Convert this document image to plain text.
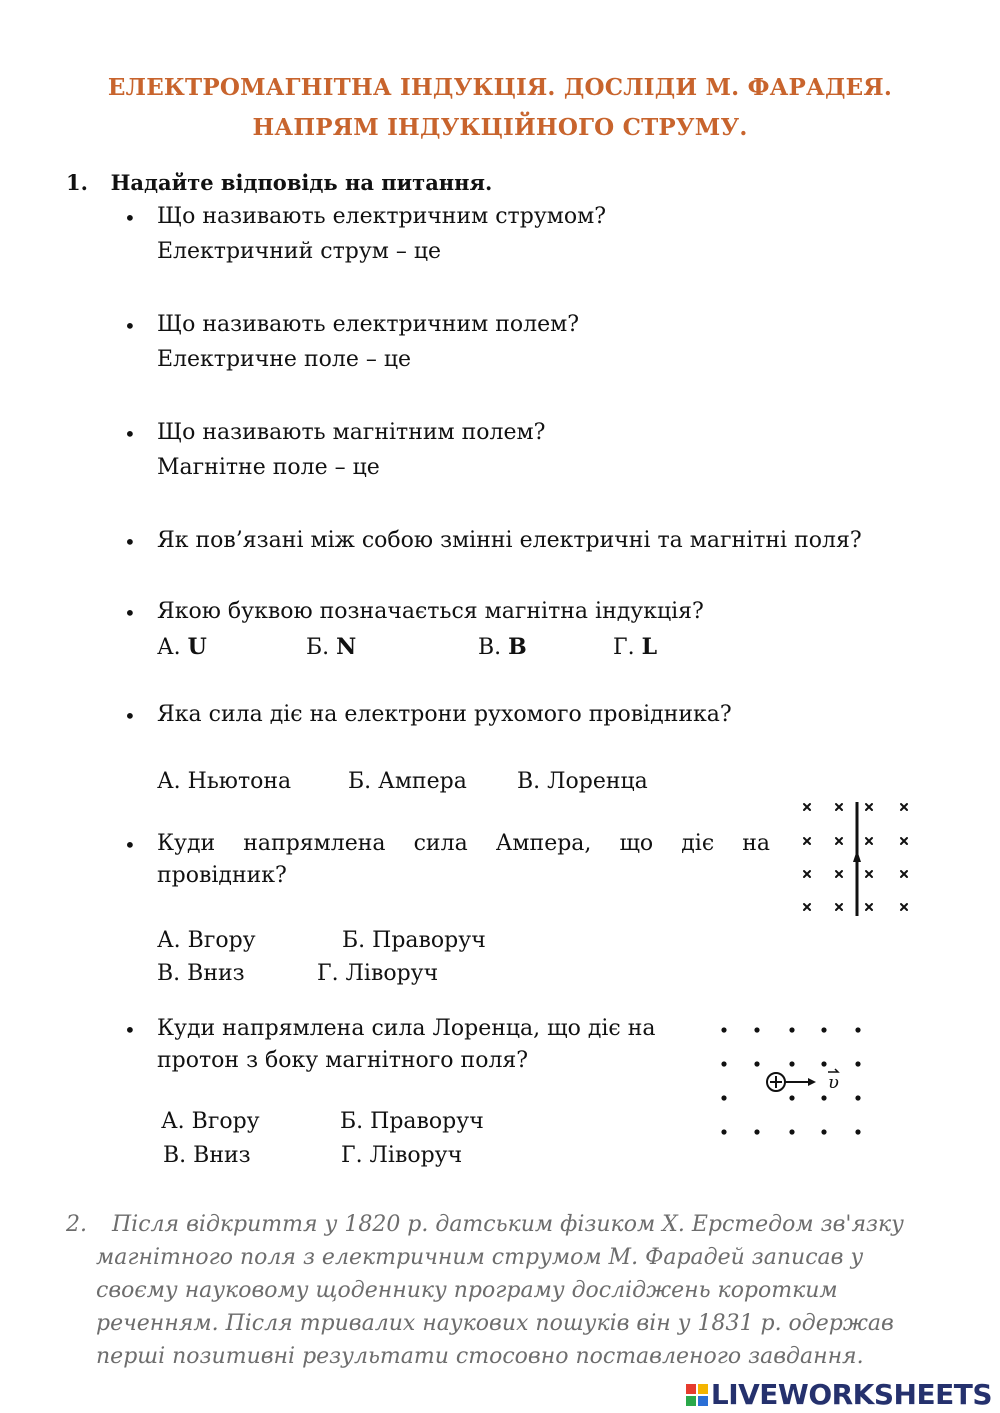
ЕЛЕКТРОМАГНІТНА ІНДУКЦІЯ. ДОСЛІДИ М. ФАРАДЕЯ.
НАПРЯМ ІНДУКЦІЙНОГО СТРУМУ.
1. Надайте відповідь на питання.
• Що називають електричним струмом?
Електричний струм – це
• Що називають електричним полем?
Електричне поле – це
• Що називають магнітним полем?
Магнітне поле – це
• Як пов’язані між собою змінні електричні та магнітні поля?
• Якою буквою позначається магнітна індукція?
А. U	Б. N	В. B	Г. L
• Яка сила діє на електрони рухомого провідника?
А. Ньютона	Б. Ампера В. Лоренца
• Куди напрямлена сила Ампера, що діє на
провідник?
А. Вгору	Б. Праворуч
В. Вниз	Г. Ліворуч
• Куди напрямлена сила Лоренца, що діє на
протон з боку магнітного поля?
А. Вгору	Б. Праворуч
В. Вниз	Г. Ліворуч
υ
2. Після відкриття у 1820 р. датським фізиком Х. Ерстедом зв'язку
магнітного поля з електричним струмом М. Фарадей записав у
своєму науковому щоденнику програму досліджень коротким
реченням. Після тривалих наукових пошуків він у 1831 р. одержав
перші позитивні результати стосовно поставленого завдання.
LIVEWORKSHEETS
